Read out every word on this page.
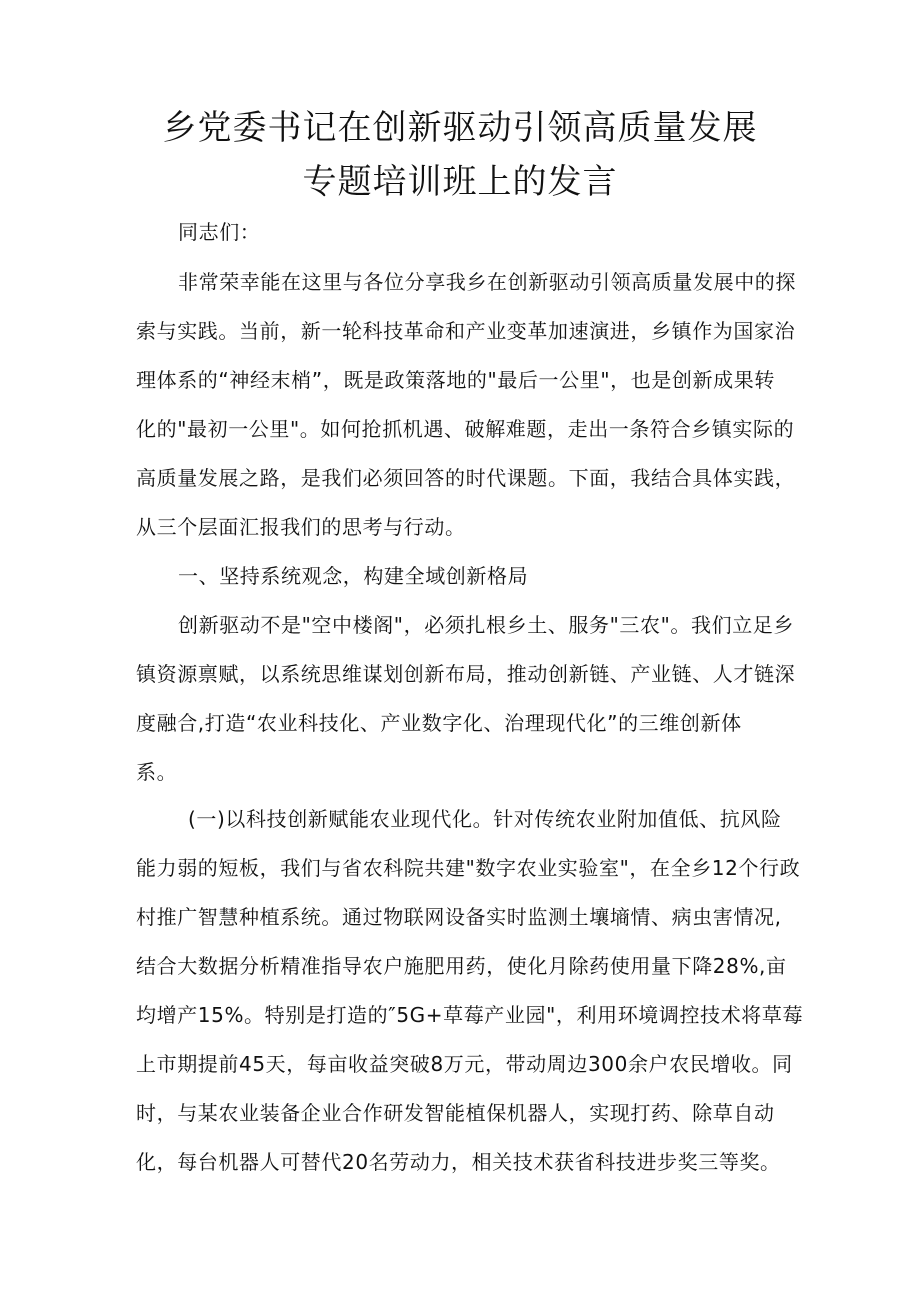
乡党委书记在创新驱动引领高质量发展
专题培训班上的发言

同志们：

非常荣幸能在这里与各位分享我乡在创新驱动引领高质量发展中的探

索与实践。当前，新一轮科技革命和产业变革加速演进，乡镇作为国家治

理体系的“神经末梢”，既是政策落地的"最后一公里"，也是创新成果转

化的"最初一公里"。如何抢抓机遇、破解难题，走出一条符合乡镇实际的

高质量发展之路，是我们必须回答的时代课题。下面，我结合具体实践，

从三个层面汇报我们的思考与行动。

一、坚持系统观念，构建全域创新格局

创新驱动不是"空中楼阁"，必须扎根乡土、服务"三农"。我们立足乡

镇资源禀赋，以系统思维谋划创新布局，推动创新链、产业链、人才链深

度融合,打造“农业科技化、产业数字化、治理现代化”的三维创新体

系。

(一)以科技创新赋能农业现代化。针对传统农业附加值低、抗风险

能力弱的短板，我们与省农科院共建"数字农业实验室"，在全乡12个行政

村推广智慧种植系统。通过物联网设备实时监测土壤墒情、病虫害情况,

结合大数据分析精准指导农户施肥用药，使化月除药使用量下降28%,亩

均增产15%。特别是打造的″5G+草莓产业园"，利用环境调控技术将草莓

上市期提前45天，每亩收益突破8万元，带动周边300余户农民增收。同

时，与某农业装备企业合作研发智能植保机器人，实现打药、除草自动

化，每台机器人可替代20名劳动力，相关技术获省科技进步奖三等奖。
